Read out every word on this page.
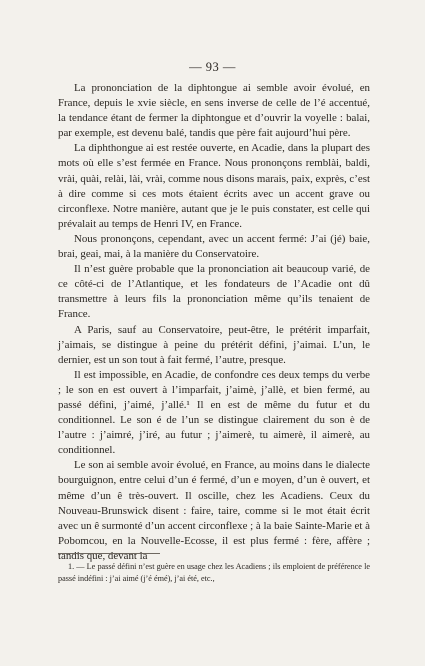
— 93 —

La prononciation de la diphtongue ai semble avoir évolué, en France, depuis le xvie siècle, en sens inverse de celle de l’é accentué, la tendance étant de fermer la diphtongue et d’ouvrir la voyelle : balai, par exemple, est devenu balé, tandis que père fait aujourd’hui père.

La diphthongue ai est restée ouverte, en Acadie, dans la plupart des mots où elle s’est fermée en France. Nous prononçons remblài, baldi, vrài, quài, relài, lài, vrài, comme nous disons marais, paix, exprès, c’est à dire comme si ces mots étaient écrits avec un accent grave ou circonflexe. Notre manière, autant que je le puis constater, est celle qui prévalait au temps de Henri IV, en France.

Nous prononçons, cependant, avec un accent fermé: J’ai (jé) baie, brai, geai, mai, à la manière du Conservatoire.

Il n’est guère probable que la prononciation ait beaucoup varié, de ce côté-ci de l’Atlantique, et les fondateurs de l’Acadie ont dû transmettre à leurs fils la prononciation même qu’ils tenaient de France.

A Paris, sauf au Conservatoire, peut-être, le prétérit imparfait, j’aimais, se distingue à peine du prétérit défini, j’aimai. L’un, le dernier, est un son tout à fait fermé, l’autre, presque.

Il est impossible, en Acadie, de confondre ces deux temps du verbe ; le son en est ouvert à l’imparfait, j’aimè, j’allè, et bien fermé, au passé défini, j’aimé, j’allé.¹ Il en est de même du futur et du conditionnel. Le son é de l’un se distingue clairement du son è de l’autre : j’aimré, j’iré, au futur ; j’aimerè, tu aimerè, il aimerè, au conditionnel.

Le son ai semble avoir évolué, en France, au moins dans le dialecte bourguignon, entre celui d’un é fermé, d’un e moyen, d’un è ouvert, et même d’un ê très-ouvert. Il oscille, chez les Acadiens. Ceux du Nouveau-Brunswick disent : faire, taire, comme si le mot était écrit avec un ê surmonté d’un accent circonflexe ; à la baie Sainte-Marie et à Pobomcou, en la Nouvelle-Ecosse, il est plus fermé : fère, affère ; tandis que, devant la

1. — Le passé défini n’est guère en usage chez les Acadiens ; ils emploient de préférence le passé indéfini : j’ai aimé (j’é émé), j’ai été, etc.,
